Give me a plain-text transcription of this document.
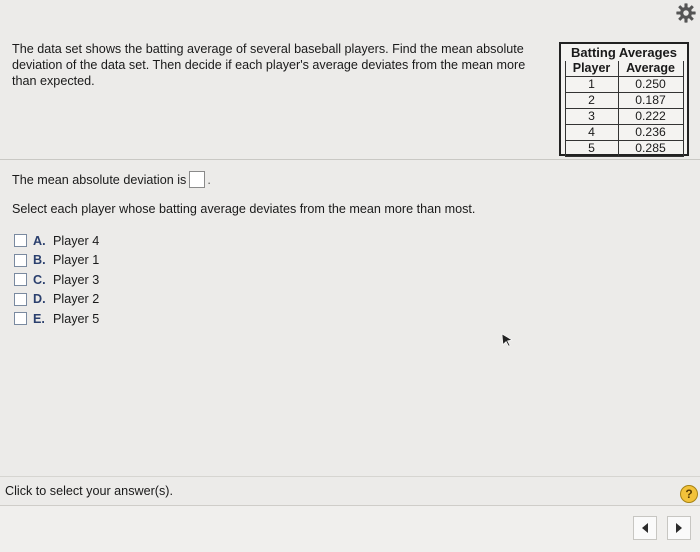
The data set shows the batting average of several baseball players. Find the mean absolute deviation of the data set. Then decide if each player's average deviates from the mean more than expected.

Batting Averages
Player	Average
1	0.250
2	0.187
3	0.222
4	0.236
5	0.285
The mean absolute deviation is .
Select each player whose batting average deviates from the mean more than most.
A. Player 4
B. Player 1
C. Player 3
D. Player 2
E. Player 5
Click to select your answer(s).	?
